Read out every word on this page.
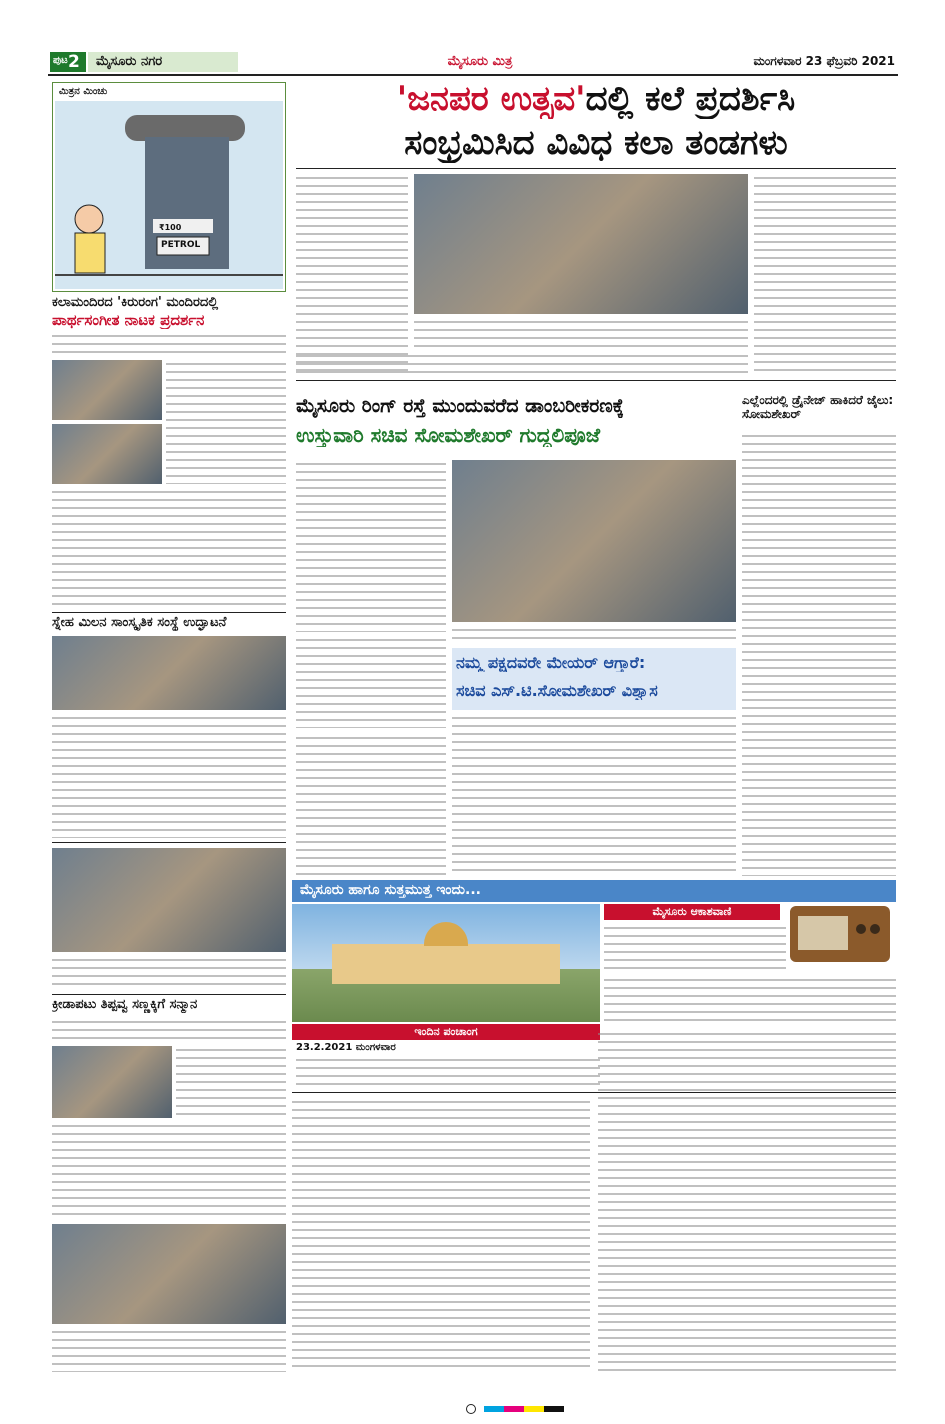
ಪುಟ 2 ಮೈಸೂರು ನಗರ	ಮೈಸೂರು ಮಿತ್ರ	ಮಂಗಳವಾರ 23 ಫೆಬ್ರವರಿ 2021
ಮಿತ್ರನ ಮಿಂಚು
₹100
PETROL
ಕಲಾಮಂದಿರದ 'ಕಿರುರಂಗ' ಮಂದಿರದಲ್ಲಿ
ಪಾರ್ಥಸಂಗೀತ ನಾಟಕ ಪ್ರದರ್ಶನ
ಸ್ನೇಹ ಮಿಲನ ಸಾಂಸ್ಕೃತಿಕ ಸಂಸ್ಥೆ ಉದ್ಘಾಟನೆ
ಕ್ರೀಡಾಪಟು ತಿಪ್ಪವ್ವ ಸಣ್ಣಕ್ಕಿಗೆ ಸನ್ಮಾನ
'ಜನಪರ ಉತ್ಸವ'ದಲ್ಲಿ ಕಲೆ ಪ್ರದರ್ಶಿಸಿ
ಸಂಭ್ರಮಿಸಿದ ವಿವಿಧ ಕಲಾ ತಂಡಗಳು
ಮೈಸೂರು ರಿಂಗ್ ರಸ್ತೆ ಮುಂದುವರೆದ ಡಾಂಬರೀಕರಣಕ್ಕೆ
ಉಸ್ತುವಾರಿ ಸಚಿವ ಸೋಮಶೇಖರ್ ಗುದ್ದಲಿಪೂಜೆ
ಎಲ್ಲೆಂದರಲ್ಲಿ ಡ್ರೈನೇಜ್ ಹಾಕಿದರೆ ಜೈಲು: ಸೋಮಶೇಖರ್
ನಮ್ಮ ಪಕ್ಷದವರೇ ಮೇಯರ್ ಆಗ್ತಾರೆ:
ಸಚಿವ ಎಸ್.ಟಿ.ಸೋಮಶೇಖರ್ ವಿಶ್ವಾಸ
ಮೈಸೂರು ಹಾಗೂ ಸುತ್ತಮುತ್ತ ಇಂದು...
ಇಂದಿನ ಪಂಚಾಂಗ
23.2.2021 ಮಂಗಳವಾರ
ಮೈಸೂರು ಆಕಾಶವಾಣಿ
